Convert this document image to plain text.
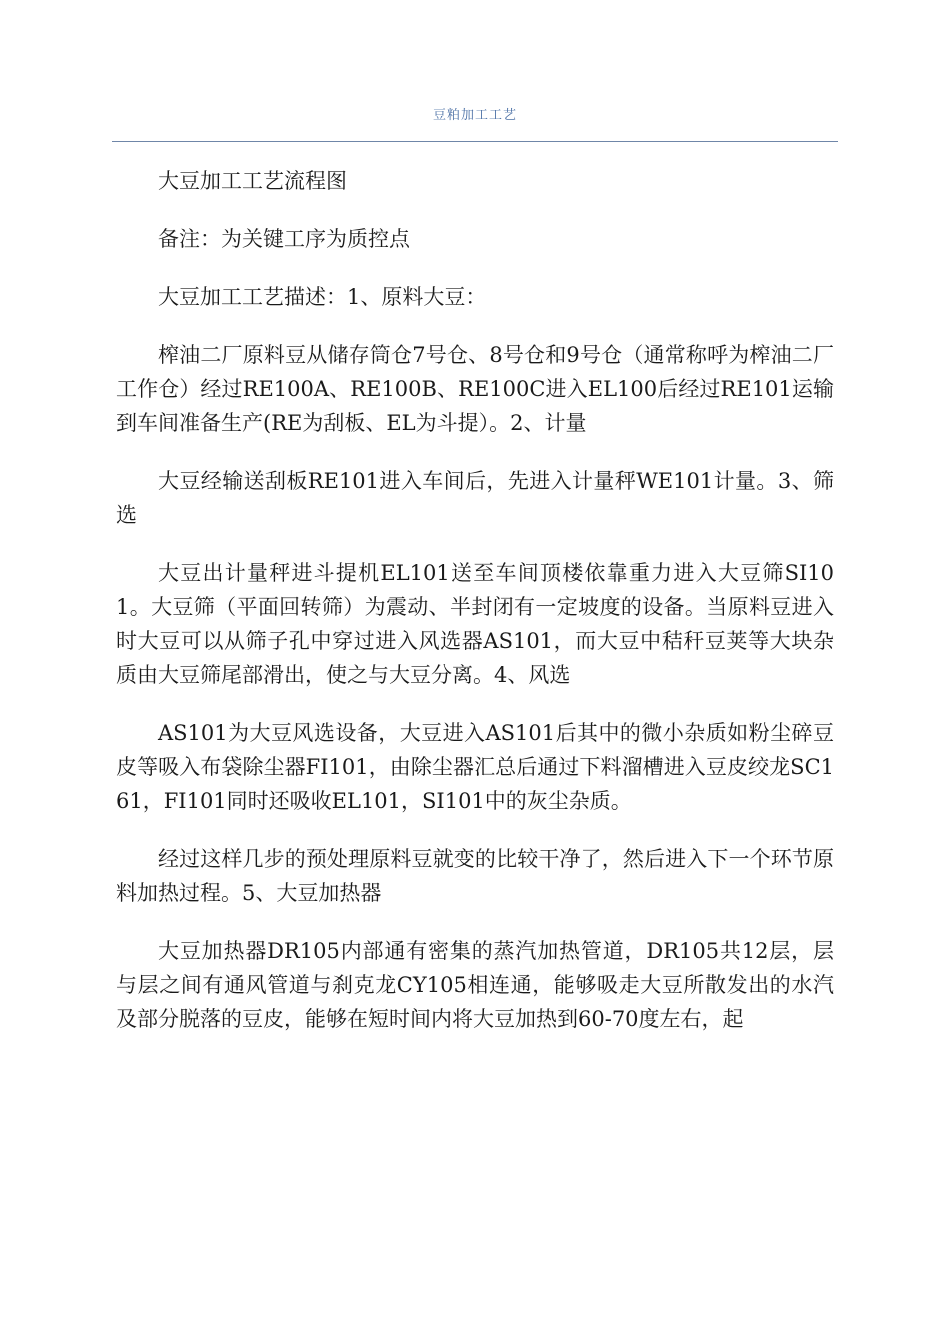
豆粕加工工艺

大豆加工工艺流程图

备注：为关键工序为质控点

大豆加工工艺描述：1、原料大豆：

榨油二厂原料豆从储存筒仓7号仓、8号仓和9号仓（通常称呼为榨油二厂工作仓）经过RE100A、RE100B、RE100C进入EL100后经过RE101运输到车间准备生产(RE为刮板、EL为斗提）。2、计量

大豆经输送刮板RE101进入车间后，先进入计量秤WE101计量。3、筛选

大豆出计量秤进斗提机EL101送至车间顶楼依靠重力进入大豆筛SI101。大豆筛（平面回转筛）为震动、半封闭有一定坡度的设备。当原料豆进入时大豆可以从筛子孔中穿过进入风选器AS101，而大豆中秸秆豆荚等大块杂质由大豆筛尾部滑出，使之与大豆分离。4、风选

AS101为大豆风选设备，大豆进入AS101后其中的微小杂质如粉尘碎豆皮等吸入布袋除尘器FI101，由除尘器汇总后通过下料溜槽进入豆皮绞龙SC161，FI101同时还吸收EL101，SI101中的灰尘杂质。

经过这样几步的预处理原料豆就变的比较干净了，然后进入下一个环节原料加热过程。5、大豆加热器

大豆加热器DR105内部通有密集的蒸汽加热管道，DR105共12层，层与层之间有通风管道与刹克龙CY105相连通，能够吸走大豆所散发出的水汽及部分脱落的豆皮，能够在短时间内将大豆加热到60-70度左右，起
